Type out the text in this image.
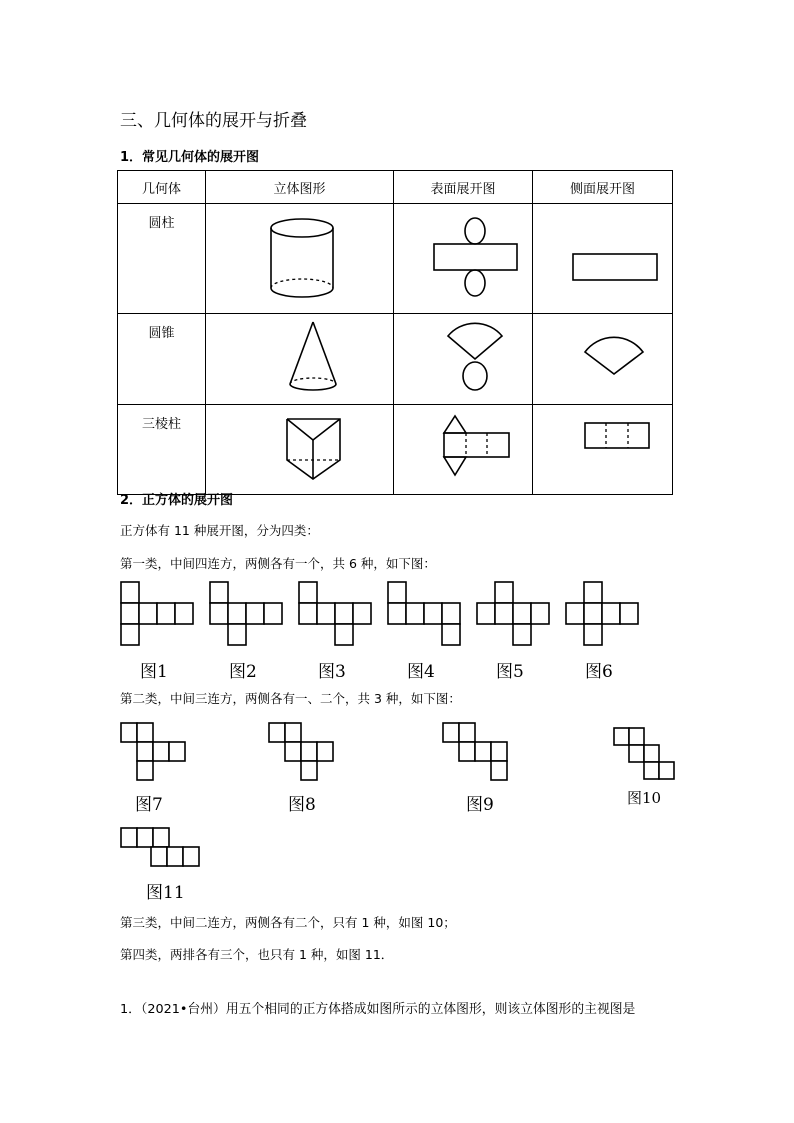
三、几何体的展开与折叠
1．常见几何体的展开图
几何体	立体图形	表面展开图	侧面展开图
圆柱			
圆锥			
三棱柱			
2．正方体的展开图
正方体有 11 种展开图，分为四类：
第一类，中间四连方，两侧各有一个，共 6 种，如下图：
图1	图2	图3	图4	图5	图6
第二类，中间三连方，两侧各有一、二个，共 3 种，如下图：
图7	图8	图9	图10
图11
第三类，中间二连方，两侧各有二个，只有 1 种，如图 10；
第四类，两排各有三个，也只有 1 种，如图 11．
1．（2021•台州）用五个相同的正方体搭成如图所示的立体图形，则该立体图形的主视图是
